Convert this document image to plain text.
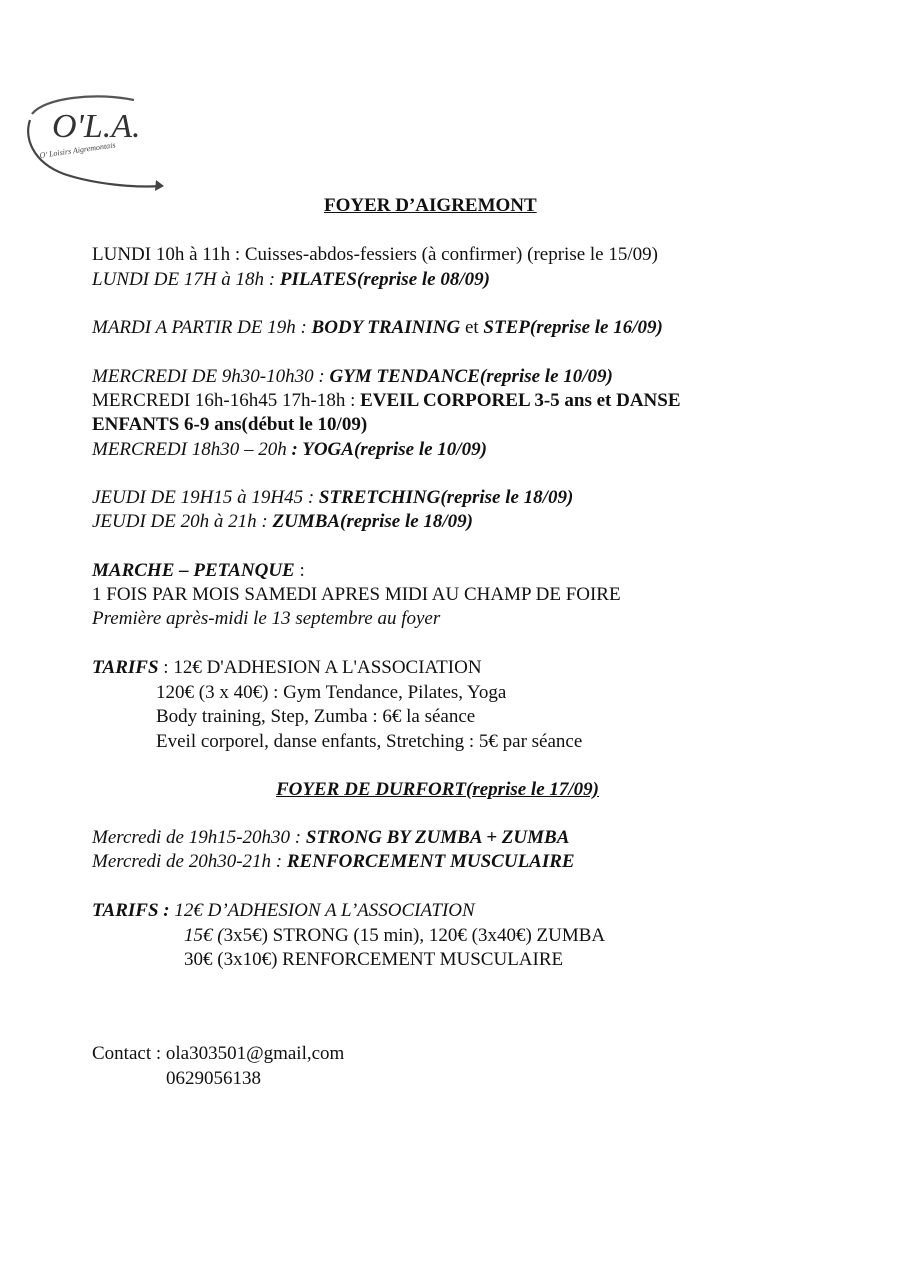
O'L.A.
O' Loisirs Aigremontais
FOYER D’AIGREMONT
LUNDI 10h à 11h : Cuisses-abdos-fessiers (à confirmer) (reprise le 15/09)
LUNDI DE 17H à 18h : PILATES(reprise le 08/09)
MARDI A PARTIR DE 19h : BODY TRAINING et STEP(reprise le 16/09)
MERCREDI DE 9h30-10h30 : GYM TENDANCE(reprise le 10/09)
MERCREDI 16h-16h45 17h-18h : EVEIL CORPOREL 3-5 ans et DANSE
ENFANTS 6-9 ans(début le 10/09)
MERCREDI 18h30 – 20h : YOGA(reprise le 10/09)
JEUDI DE 19H15 à 19H45 : STRETCHING(reprise le 18/09)
JEUDI DE 20h à 21h : ZUMBA(reprise le 18/09)
MARCHE – PETANQUE :
1 FOIS PAR MOIS SAMEDI APRES MIDI AU CHAMP DE FOIRE
Première après-midi le 13 septembre au foyer
TARIFS : 12€ D'ADHESION A L'ASSOCIATION
120€ (3 x 40€) : Gym Tendance, Pilates, Yoga
Body training, Step, Zumba : 6€ la séance
Eveil corporel, danse enfants, Stretching : 5€ par séance
FOYER DE DURFORT(reprise le 17/09)
Mercredi de 19h15-20h30 : STRONG BY ZUMBA + ZUMBA
Mercredi de 20h30-21h : RENFORCEMENT MUSCULAIRE
TARIFS : 12€ D’ADHESION A L’ASSOCIATION
15€ (3x5€) STRONG (15 min), 120€ (3x40€) ZUMBA
30€ (3x10€) RENFORCEMENT MUSCULAIRE
Contact : ola303501@gmail,com
0629056138
